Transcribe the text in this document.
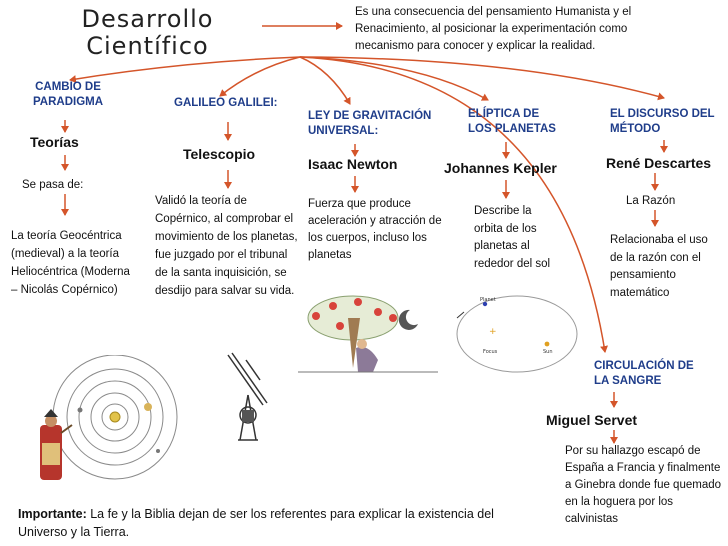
Desarrollo
Científico
Es una consecuencia del pensamiento Humanista y el Renacimiento, al posicionar la experimentación como mecanismo para conocer y explicar la realidad.
CAMBIO DE PARADIGMA
Teorías
Se pasa de:
La teoría Geocéntrica (medieval) a la teoría Heliocéntrica (Moderna – Nicolás Copérnico)
GALILEO GALILEI:
Telescopio
Validó la teoría de Copérnico, al comprobar el movimiento de los planetas, fue juzgado por el tribunal de la santa inquisición, se desdijo para salvar su vida.
LEY DE GRAVITACIÓN UNIVERSAL:
Isaac Newton
Fuerza que produce aceleración y atracción de los cuerpos, incluso los planetas
ELÍPTICA DE LOS PLANETAS
Johannes Kepler
Describe la orbita de los planetas al rededor del sol
EL DISCURSO DEL MÉTODO
René Descartes
La Razón
Relacionaba el uso de la razón con el pensamiento matemático
CIRCULACIÓN DE LA SANGRE
Miguel Servet
Por su hallazgo escapó de España a Francia y finalmente a Ginebra donde fue quemado en la hoguera por los calvinistas
Importante: La fe y la Biblia dejan de ser los referentes para explicar la existencia del Universo y la Tierra.
+
Planet
Focus	Sun
